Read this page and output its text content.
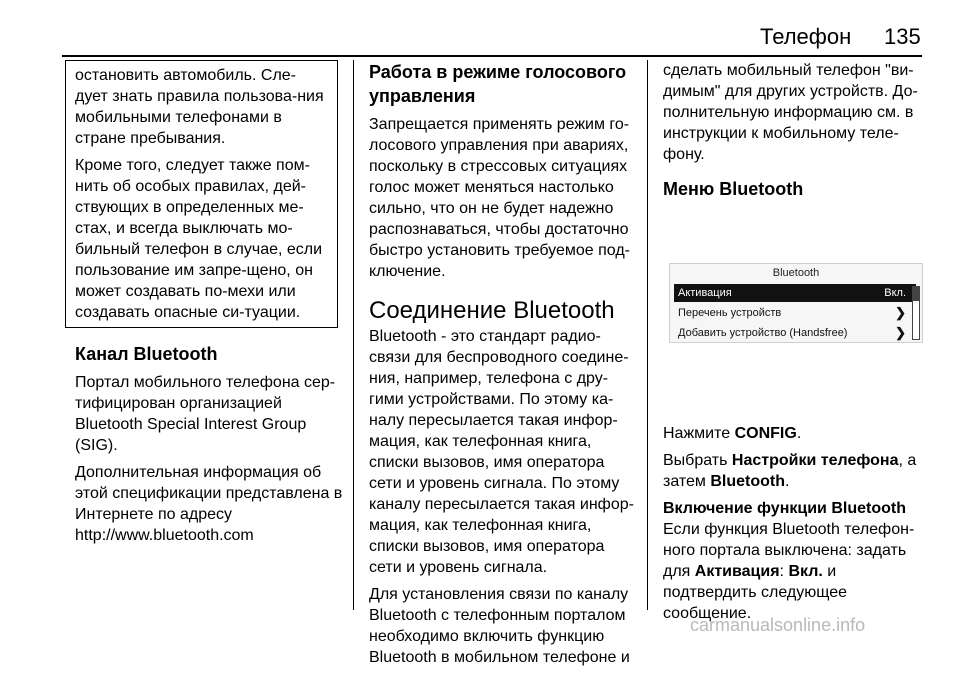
Телефон 135

остановить автомобиль. Сле-дует знать правила пользова-ния мобильными телефонами в стране пребывания.

Кроме того, следует также пом-нить об особых правилах, дей-ствующих в определенных ме-стах, и всегда выключать мо-бильный телефон в случае, если пользование им запре-щено, он может создавать по-мехи или создавать опасные си-туации.

Канал Bluetooth

Портал мобильного телефона сер-тифицирован организацией Bluetooth Special Interest Group (SIG).

Дополнительная информация об этой спецификации представлена в Интернете по адресу

http://www.bluetooth.com
Работа в режиме голосового управления

Запрещается применять режим го-лосового управления при авариях, поскольку в стрессовых ситуациях голос может меняться настолько сильно, что он не будет надежно распознаваться, чтобы достаточно быстро установить требуемое под-ключение.

Соединение Bluetooth

Bluetooth - это стандарт радио-связи для беспроводного соедине-ния, например, телефона с дру-гими устройствами. По этому ка-налу пересылается такая инфор-мация, как телефонная книга, списки вызовов, имя оператора сети и уровень сигнала. По этому каналу пересылается такая инфор-мация, как телефонная книга, списки вызовов, имя оператора сети и уровень сигнала.

Для установления связи по каналу Bluetooth с телефонным порталом необходимо включить функцию Bluetooth в мобильном телефоне и

сделать мобильный телефон "ви-димым" для других устройств. До-полнительную информацию см. в инструкции к мобильному теле-фону.

Меню Bluetooth
Bluetooth
Активация	Вкл.
Перечень устройств	❯
Добавить устройство (Handsfree)	❯

Нажмите CONFIG.

Выбрать Настройки телефона, а затем Bluetooth.

Включение функции Bluetooth

Если функция Bluetooth телефон-ного портала выключена: задать для Активация: Вкл. и подтвердить следующее сообщение.

carmanualsonline.info
